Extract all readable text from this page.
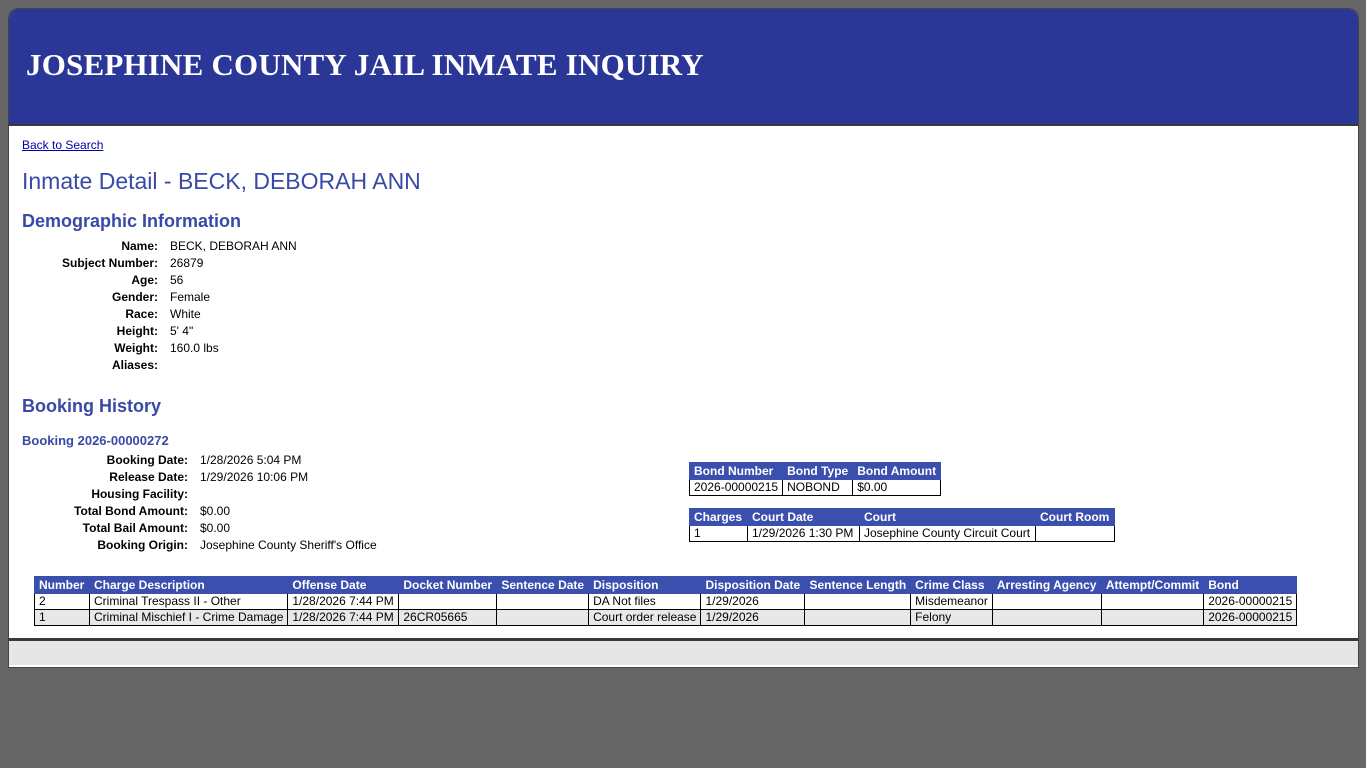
JOSEPHINE COUNTY JAIL INMATE INQUIRY
Back to Search
Inmate Detail - BECK, DEBORAH ANN
Demographic Information
Name:	BECK, DEBORAH ANN
Subject Number:	26879
Age:	56
Gender:	Female
Race:	White
Height:	5' 4"
Weight:	160.0 lbs
Aliases:
Booking History
Booking 2026-00000272
Booking Date:	1/28/2026 5:04 PM
Release Date:	1/29/2026 10:06 PM
Housing Facility:
Total Bond Amount:	$0.00
Total Bail Amount:	$0.00
Booking Origin:	Josephine County Sheriff's Office
Bond Number	Bond Type	Bond Amount
2026-00000215	NOBOND	$0.00
Charges	Court Date	Court	Court Room
1	1/29/2026 1:30 PM	Josephine County Circuit Court	
Number	Charge Description	Offense Date	Docket Number	Sentence Date	Disposition	Disposition Date	Sentence Length	Crime Class	Arresting Agency	Attempt/Commit	Bond
2	Criminal Trespass II - Other	1/28/2026 7:44 PM			DA Not files	1/29/2026		Misdemeanor			2026-00000215
1	Criminal Mischief I - Crime Damage	1/28/2026 7:44 PM	26CR05665		Court order release	1/29/2026		Felony			2026-00000215
